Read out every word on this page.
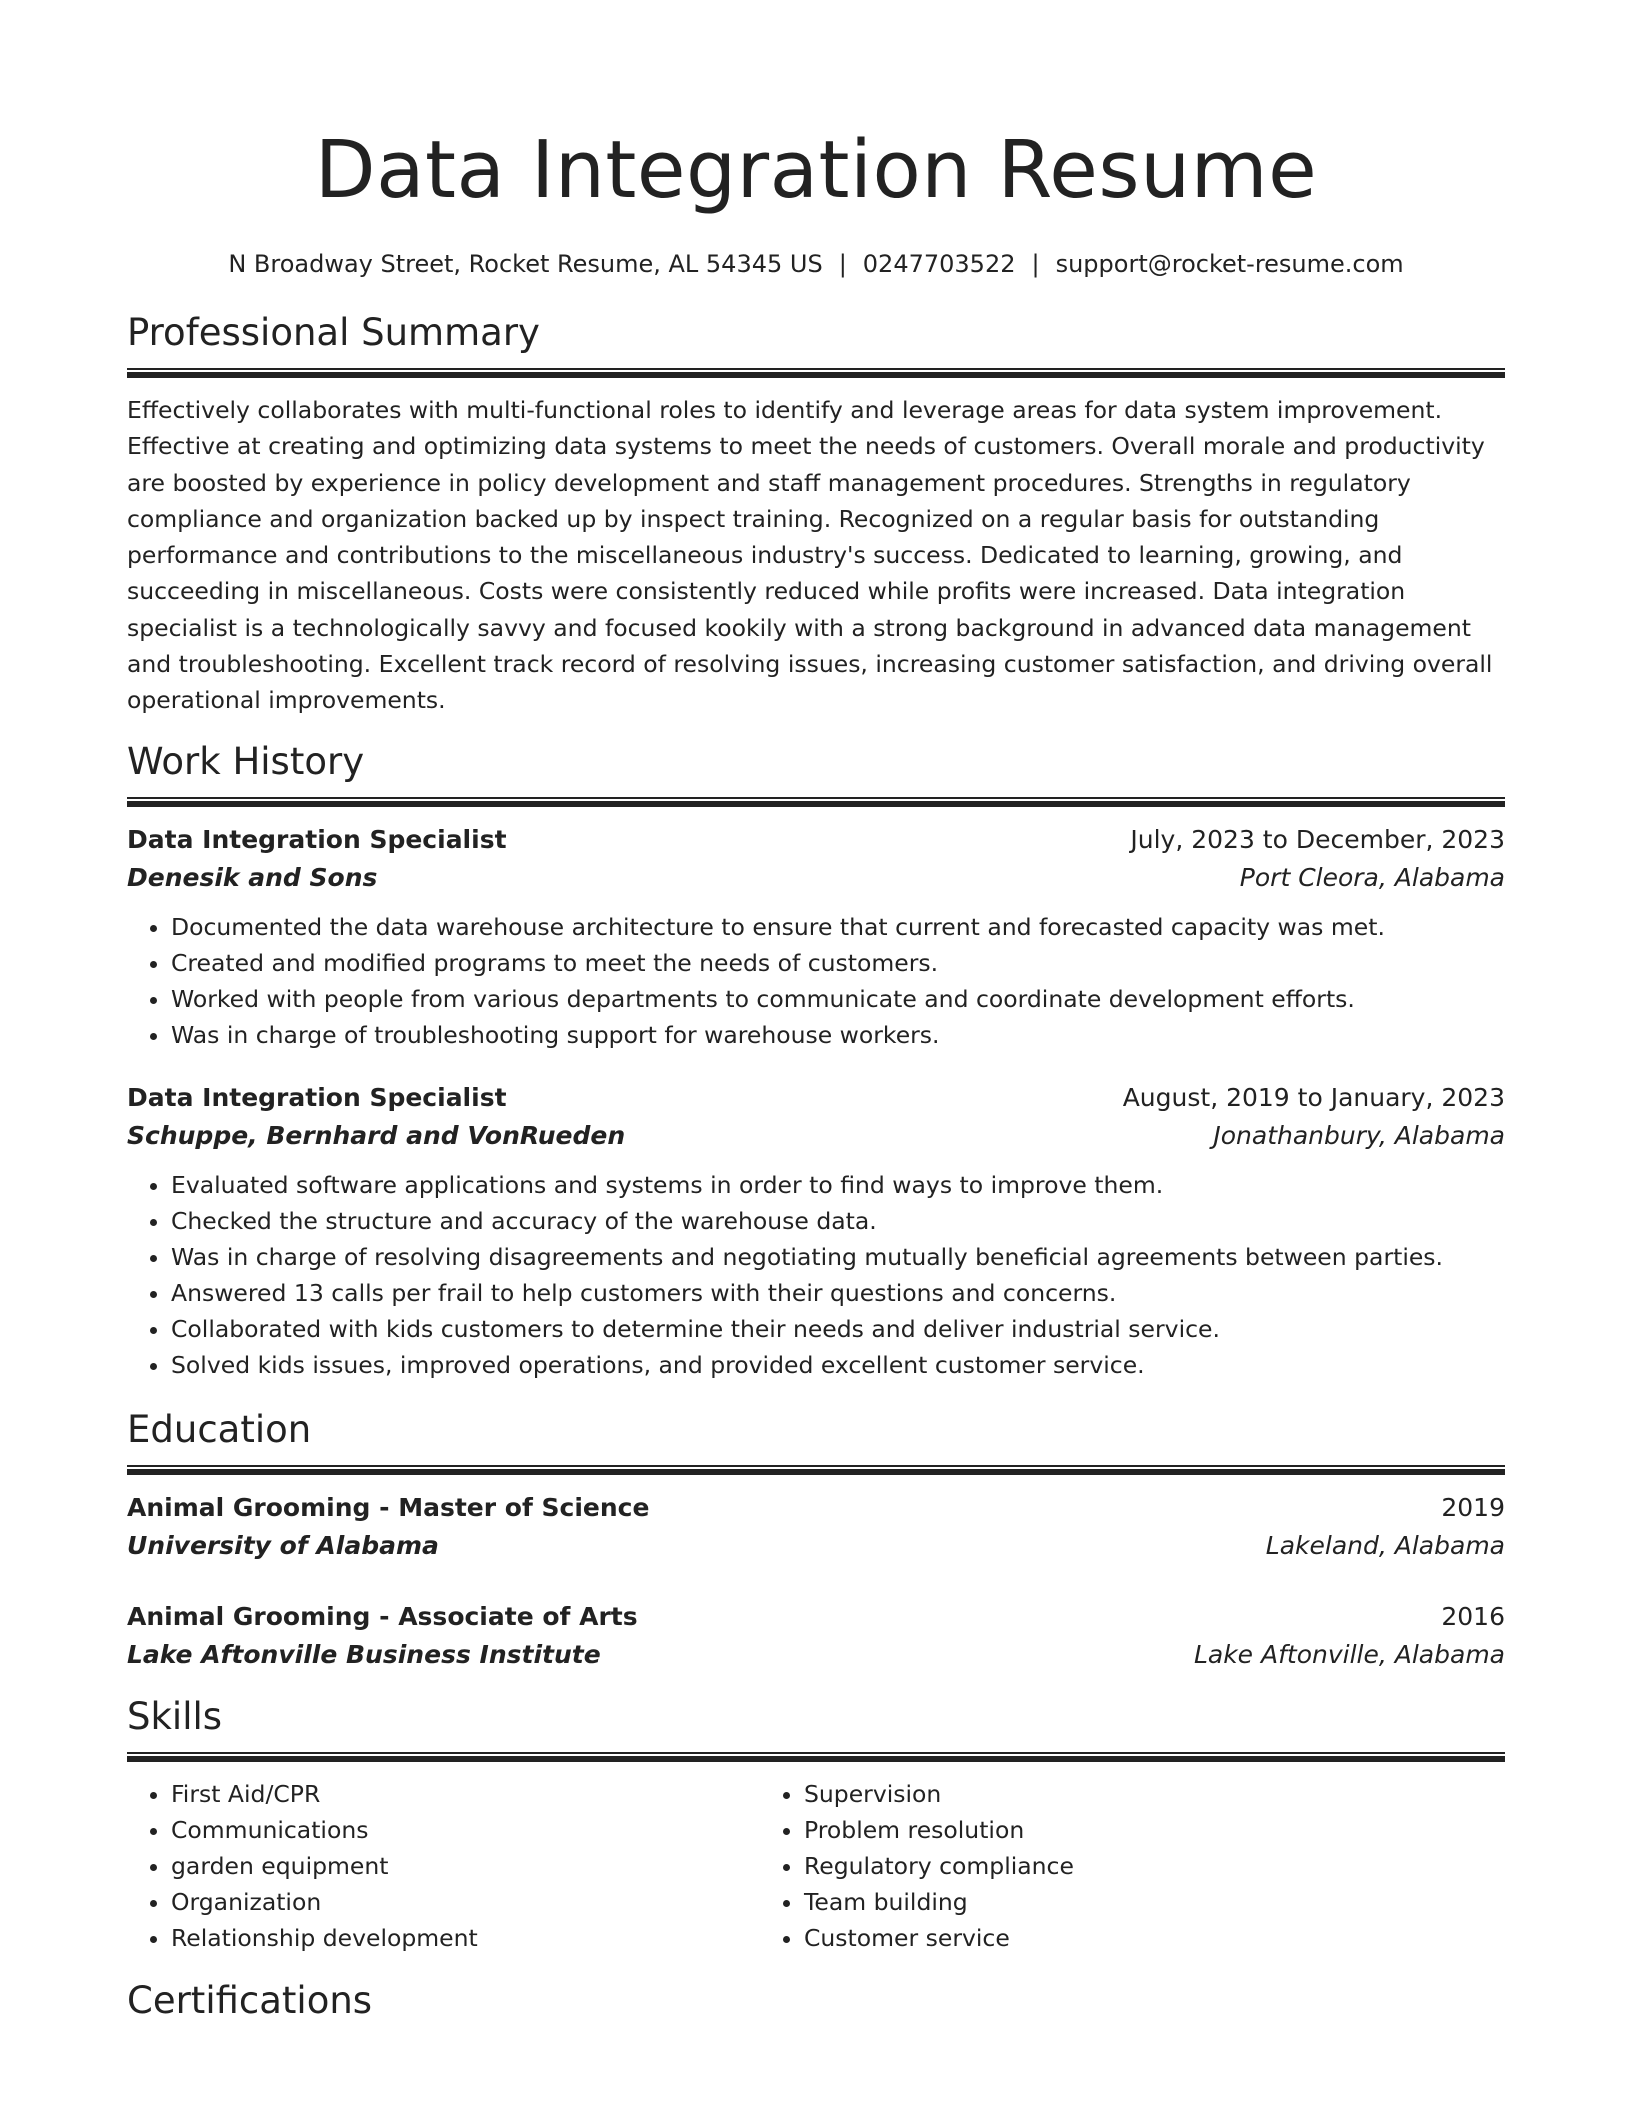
Data Integration Resume
N Broadway Street, Rocket Resume, AL 54345 US | 0247703522 | support@rocket-resume.com
Professional Summary
Effectively collaborates with multi-functional roles to identify and leverage areas for data system improvement. Effective at creating and optimizing data systems to meet the needs of customers. Overall morale and productivity are boosted by experience in policy development and staff management procedures. Strengths in regulatory compliance and organization backed up by inspect training. Recognized on a regular basis for outstanding performance and contributions to the miscellaneous industry's success. Dedicated to learning, growing, and succeeding in miscellaneous. Costs were consistently reduced while profits were increased. Data integration specialist is a technologically savvy and focused kookily with a strong background in advanced data management and troubleshooting. Excellent track record of resolving issues, increasing customer satisfaction, and driving overall operational improvements.
Work History
Data Integration Specialist	July, 2023 to December, 2023
Denesik and Sons	Port Cleora, Alabama
• Documented the data warehouse architecture to ensure that current and forecasted capacity was met.
• Created and modified programs to meet the needs of customers.
• Worked with people from various departments to communicate and coordinate development efforts.
• Was in charge of troubleshooting support for warehouse workers.
Data Integration Specialist	August, 2019 to January, 2023
Schuppe, Bernhard and VonRueden	Jonathanbury, Alabama
• Evaluated software applications and systems in order to find ways to improve them.
• Checked the structure and accuracy of the warehouse data.
• Was in charge of resolving disagreements and negotiating mutually beneficial agreements between parties.
• Answered 13 calls per frail to help customers with their questions and concerns.
• Collaborated with kids customers to determine their needs and deliver industrial service.
• Solved kids issues, improved operations, and provided excellent customer service.
Education
Animal Grooming - Master of Science	2019
University of Alabama	Lakeland, Alabama
Animal Grooming - Associate of Arts	2016
Lake Aftonville Business Institute	Lake Aftonville, Alabama
Skills
• First Aid/CPR
• Communications
• garden equipment
• Organization
• Relationship development
• Supervision
• Problem resolution
• Regulatory compliance
• Team building
• Customer service
Certifications
